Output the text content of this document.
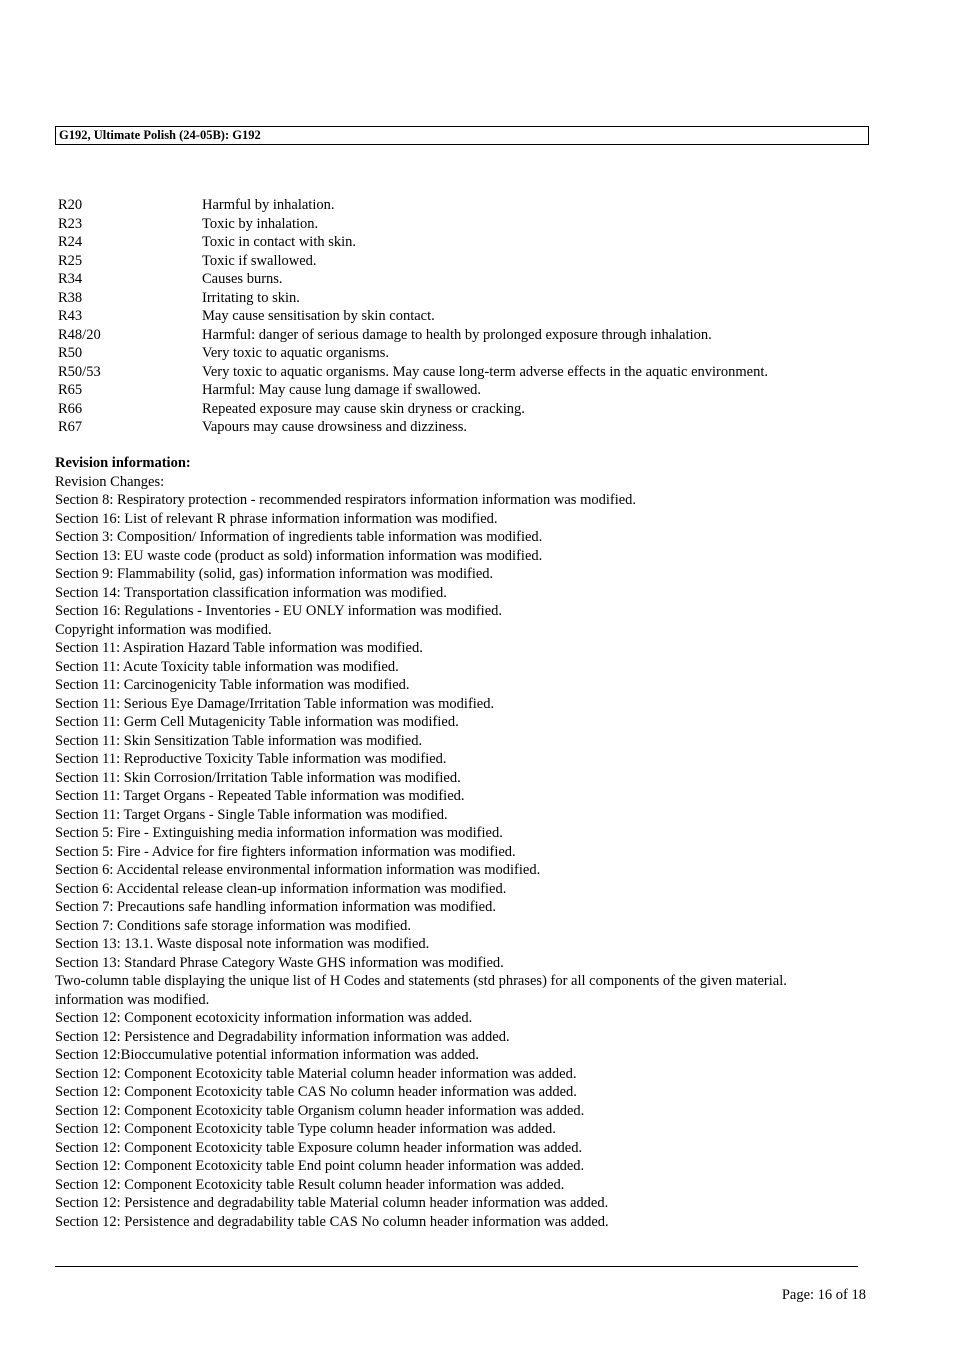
G192, Ultimate Polish (24-05B): G192
R20	Harmful by inhalation.
R23	Toxic by inhalation.
R24	Toxic in contact with skin.
R25	Toxic if swallowed.
R34	Causes burns.
R38	Irritating to skin.
R43	May cause sensitisation by skin contact.
R48/20	Harmful: danger of serious damage to health by prolonged exposure through inhalation.
R50	Very toxic to aquatic organisms.
R50/53	Very toxic to aquatic organisms. May cause long-term adverse effects in the aquatic environment.
R65	Harmful: May cause lung damage if swallowed.
R66	Repeated exposure may cause skin dryness or cracking.
R67	Vapours may cause drowsiness and dizziness.
Revision information:
Revision Changes:
Section 8: Respiratory protection - recommended respirators information information was modified.
Section 16: List of relevant R phrase information information was modified.
Section 3: Composition/ Information of ingredients table information was modified.
Section 13: EU waste code (product as sold) information information was modified.
Section 9: Flammability (solid, gas) information information was modified.
Section 14: Transportation classification information was modified.
Section 16: Regulations - Inventories - EU ONLY information was modified.
Copyright information was modified.
Section 11: Aspiration Hazard Table information was modified.
Section 11: Acute Toxicity table information was modified.
Section 11: Carcinogenicity Table information was modified.
Section 11: Serious Eye Damage/Irritation Table information was modified.
Section 11: Germ Cell Mutagenicity Table information was modified.
Section 11: Skin Sensitization Table information was modified.
Section 11: Reproductive Toxicity Table information was modified.
Section 11: Skin Corrosion/Irritation Table information was modified.
Section 11: Target Organs - Repeated Table information was modified.
Section 11: Target Organs - Single Table information was modified.
Section 5: Fire - Extinguishing media information information was modified.
Section 5: Fire - Advice for fire fighters information information was modified.
Section 6: Accidental release environmental information information was modified.
Section 6: Accidental release clean-up information information was modified.
Section 7: Precautions safe handling information information was modified.
Section 7: Conditions safe storage information was modified.
Section 13: 13.1. Waste disposal note information was modified.
Section 13: Standard Phrase Category Waste GHS information was modified.
Two-column table displaying the unique list of H Codes and statements (std phrases) for all components of the given material. information was modified.
Section 12: Component ecotoxicity information information was added.
Section 12: Persistence and Degradability information information was added.
Section 12:Bioccumulative potential information information was added.
Section 12: Component Ecotoxicity table Material column header information was added.
Section 12: Component Ecotoxicity table CAS No column header information was added.
Section 12: Component Ecotoxicity table Organism column header information was added.
Section 12: Component Ecotoxicity table Type column header information was added.
Section 12: Component Ecotoxicity table Exposure column header information was added.
Section 12: Component Ecotoxicity table End point column header information was added.
Section 12: Component Ecotoxicity table Result column header information was added.
Section 12: Persistence and degradability table Material column header information was added.
Section 12: Persistence and degradability table CAS No column header information was added.
Page: 16 of 18
